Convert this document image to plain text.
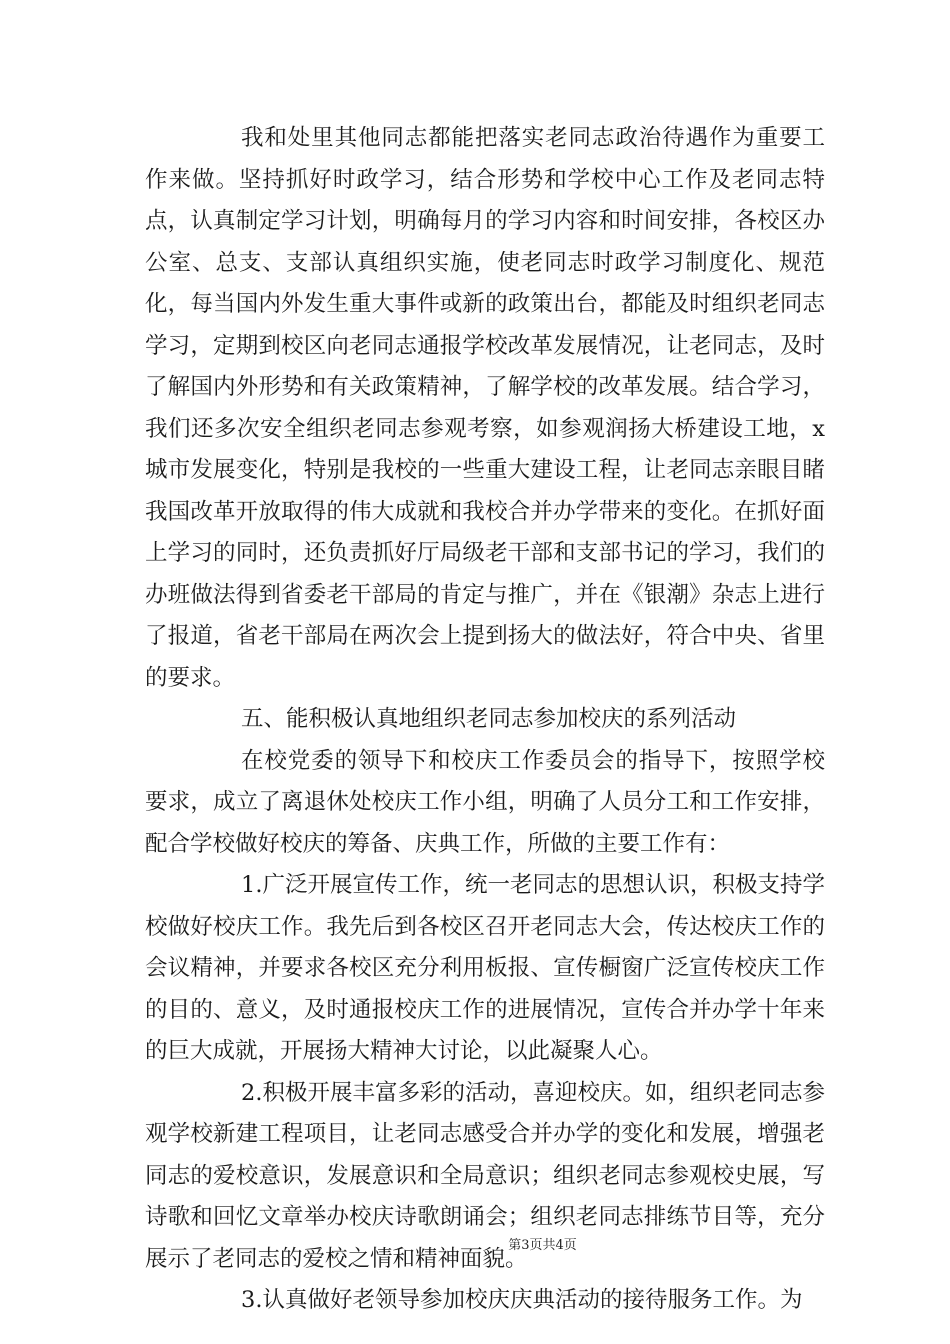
我和处里其他同志都能把落实老同志政治待遇作为重要工作来做。坚持抓好时政学习，结合形势和学校中心工作及老同志特点，认真制定学习计划，明确每月的学习内容和时间安排，各校区办公室、总支、支部认真组织实施，使老同志时政学习制度化、规范化，每当国内外发生重大事件或新的政策出台，都能及时组织老同志学习，定期到校区向老同志通报学校改革发展情况，让老同志，及时了解国内外形势和有关政策精神，了解学校的改革发展。结合学习，我们还多次安全组织老同志参观考察，如参观润扬大桥建设工地，x城市发展变化，特别是我校的一些重大建设工程，让老同志亲眼目睹我国改革开放取得的伟大成就和我校合并办学带来的变化。在抓好面上学习的同时，还负责抓好厅局级老干部和支部书记的学习，我们的办班做法得到省委老干部局的肯定与推广，并在《银潮》杂志上进行了报道，省老干部局在两次会上提到扬大的做法好，符合中央、省里的要求。

五、能积极认真地组织老同志参加校庆的系列活动

在校党委的领导下和校庆工作委员会的指导下，按照学校要求，成立了离退休处校庆工作小组，明确了人员分工和工作安排，配合学校做好校庆的筹备、庆典工作，所做的主要工作有：

1.广泛开展宣传工作，统一老同志的思想认识，积极支持学校做好校庆工作。我先后到各校区召开老同志大会，传达校庆工作的会议精神，并要求各校区充分利用板报、宣传橱窗广泛宣传校庆工作的目的、意义，及时通报校庆工作的进展情况，宣传合并办学十年来的巨大成就，开展扬大精神大讨论，以此凝聚人心。

2.积极开展丰富多彩的活动，喜迎校庆。如，组织老同志参观学校新建工程项目，让老同志感受合并办学的变化和发展，增强老同志的爱校意识，发展意识和全局意识；组织老同志参观校史展，写诗歌和回忆文章举办校庆诗歌朗诵会；组织老同志排练节目等，充分展示了老同志的爱校之情和精神面貌。

3.认真做好老领导参加校庆庆典活动的接待服务工作。为

第3页共4页
